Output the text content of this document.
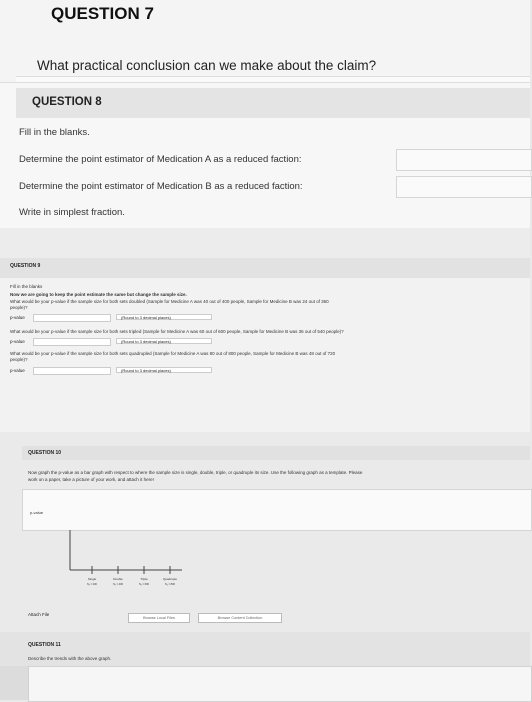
QUESTION 7
What practical conclusion can we make about the claim?
QUESTION 8
Fill in the blanks.
Determine the point estimator of Medication A as a reduced faction:
Determine the point estimator of Medication B as a reduced faction:
Write in simplest fraction.
QUESTION 9
Fill in the blanks
Now we are going to keep the point estimate the same but change the sample size.
What would be your p-value if the sample size for both sets doubled (Sample for Medicine A was 40 out of 400 people, Sample for Medicine B was 24 out of 360
people)?
p-value	(Round to 3 decimal places)
What would be your p-value if the sample size for both sets tripled (Sample for Medicine A was 60 out of 600 people, Sample for Medicine B was 36 out of 540 people)?
p-value	(Round to 3 decimal places)
What would be your p-value if the sample size for both sets quadrupled (Sample for Medicine A was 80 out of 800 people, Sample for Medicine B was 48 out of 720
people)?
p-value	(Round to 3 decimal places)
QUESTION 10
Now graph the p-value as a bar graph with respect to where the sample size is single, double, triple, or quadruple its size. Use the following graph as a template. Please
work on a paper, take a picture of your work, and attach it here!
p-value
Single
N₁ = 200
Double
N₁ = 400
Triple
N₁ = 600
Quadruple
N₁ = 800
Attach File
Browse Local Files	Browse Content Collection
QUESTION 11
Describe the trends with the above graph.
